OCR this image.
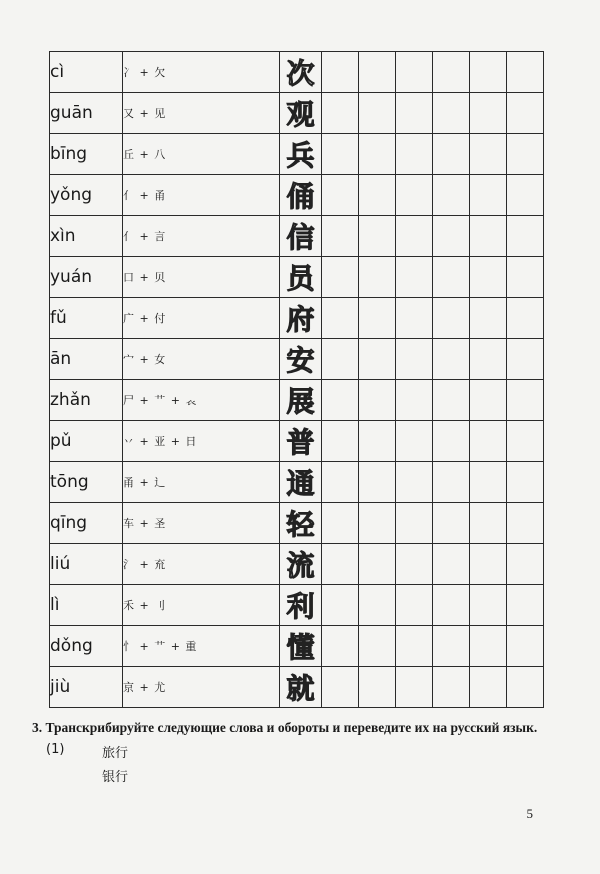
cì	冫 + 欠	次						
guān	又 + 见	观						
bīng	丘 + 八	兵						
yǒng	亻 + 甬	俑						
xìn	亻 + 言	信						
yuán	口 + 贝	员						
fǔ	广 + 付	府						
ān	宀 + 女	安						
zhǎn	尸 + 艹 + 𧘇	展						
pǔ	丷 + 亚 + 日	普						
tōng	甬 + 辶	通						
qīng	车 + 圣	轻						
liú	氵 + 㐬	流						
lì	禾 + 刂	利						
dǒng	忄 + 艹 + 重	懂						
jiù	京 + 尤	就						
3. Транскрибируйте следующие слова и обороты и переведите их на русский язык.
(1)	旅行
银行
5
